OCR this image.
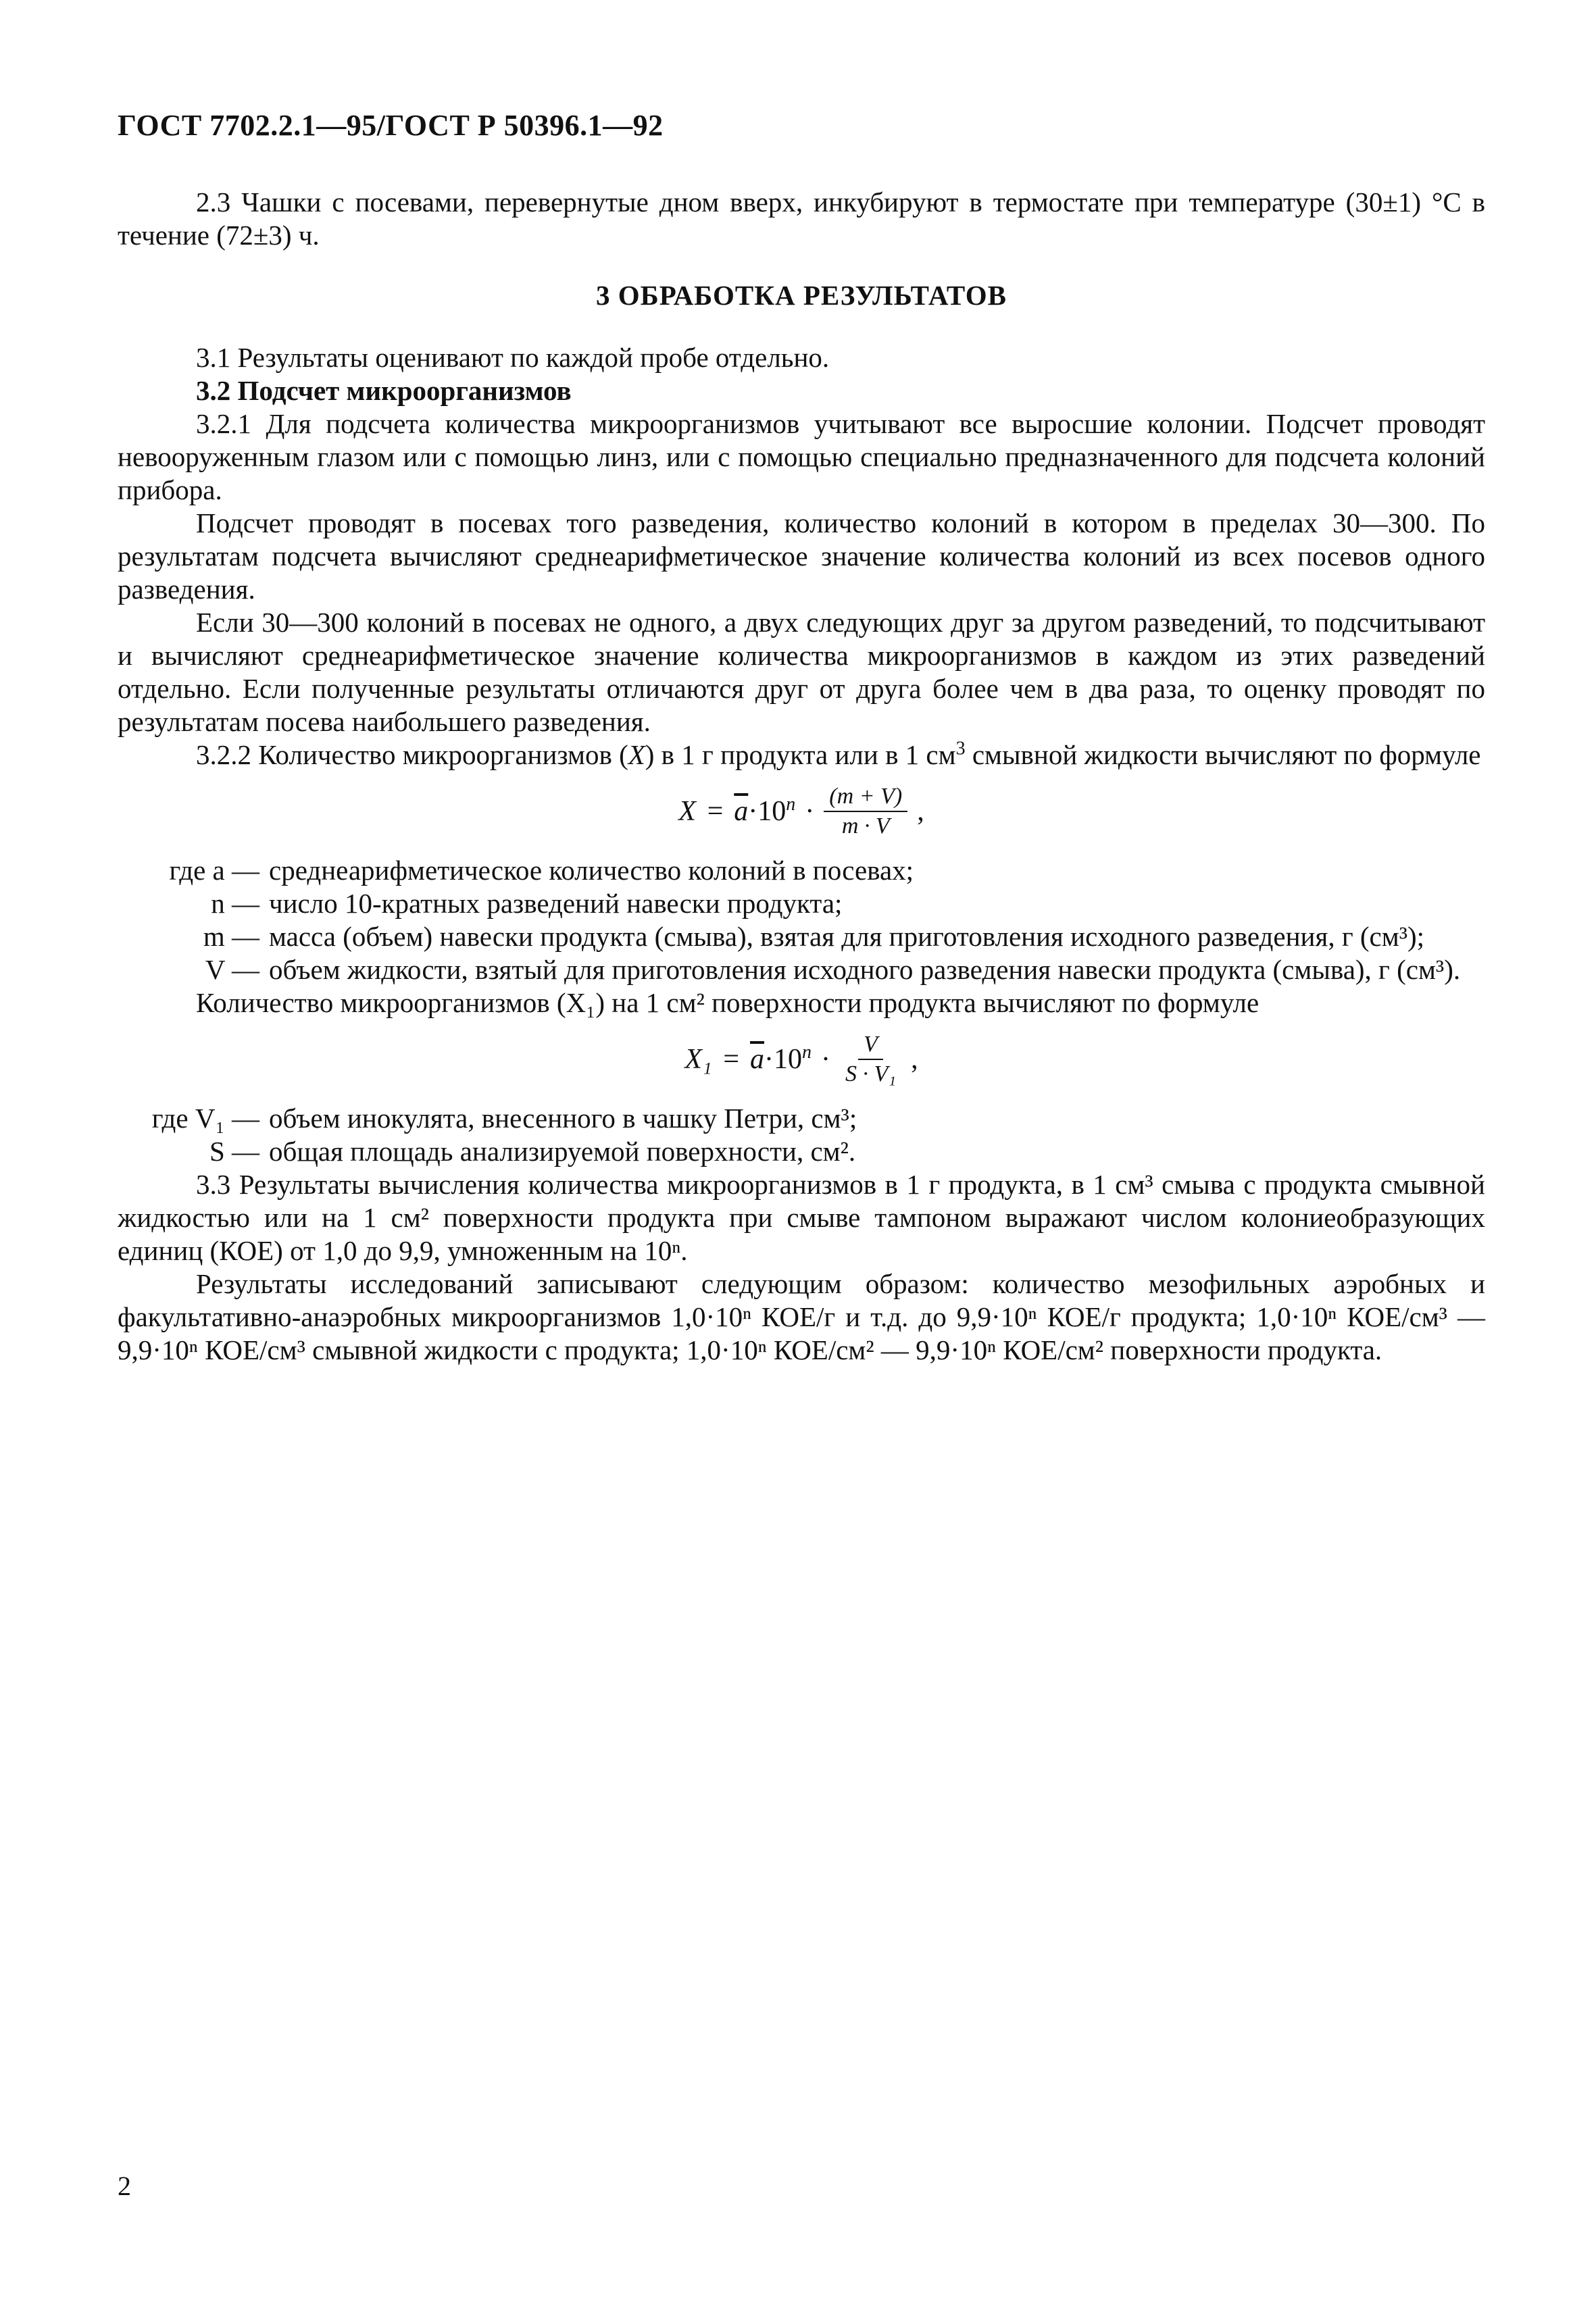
ГОСТ 7702.2.1—95/ГОСТ Р 50396.1—92

2.3 Чашки с посевами, перевернутые дном вверх, инкубируют в термостате при температуре (30±1) °С в течение (72±3) ч.

3 ОБРАБОТКА РЕЗУЛЬТАТОВ

3.1 Результаты оценивают по каждой пробе отдельно.

3.2 Подсчет микроорганизмов

3.2.1 Для подсчета количества микроорганизмов учитывают все выросшие колонии. Подсчет проводят невооруженным глазом или с помощью линз, или с помощью специально предназначенного для подсчета колоний прибора.

Подсчет проводят в посевах того разведения, количество колоний в котором в пределах 30—300. По результатам подсчета вычисляют среднеарифметическое значение количества колоний из всех посевов одного разведения.

Если 30—300 колоний в посевах не одного, а двух следующих друг за другом разведений, то подсчитывают и вычисляют среднеарифметическое значение количества микроорганизмов в каждом из этих разведений отдельно. Если полученные результаты отличаются друг от друга более чем в два раза, то оценку проводят по результатам посева наибольшего разведения.

3.2.2 Количество микроорганизмов (X) в 1 г продукта или в 1 $см^3$ смывной жидкости вычисляют по формуле

$X = \overline{a}\cdot 10^n \cdot \frac{(m + V)}{m \cdot V}$ ,
где a — среднеарифметическое количество колоний в посевах;
n — число 10-кратных разведений навески продукта;
m — масса (объем) навески продукта (смыва), взятая для приготовления исходного разведения, г (см³);
V — объем жидкости, взятый для приготовления исходного разведения навески продукта (смыва), г (см³).

Количество микроорганизмов (X₁) на 1 см² поверхности продукта вычисляют по формуле

$X_1 = \overline{a}\cdot 10^n \cdot \frac{V}{\text{S · V₁}}$ ,
где V₁ — объем инокулята, внесенного в чашку Петри, см³;
S — общая площадь анализируемой поверхности, см².

3.3 Результаты вычисления количества микроорганизмов в 1 г продукта, в 1 см³ смыва с продукта смывной жидкостью или на 1 см² поверхности продукта при смыве тампоном выражают числом колониеобразующих единиц (КОЕ) от 1,0 до 9,9, умноженным на 10ⁿ.

Результаты исследований записывают следующим образом: количество мезофильных аэробных и факультативно-анаэробных микроорганизмов 1,0·10ⁿ КОЕ/г и т.д. до 9,9·10ⁿ КОЕ/г продукта; 1,0·10ⁿ КОЕ/см³ — 9,9·10ⁿ КОЕ/см³ смывной жидкости с продукта; 1,0·10ⁿ КОЕ/см² — 9,9·10ⁿ КОЕ/см² поверхности продукта.

2
